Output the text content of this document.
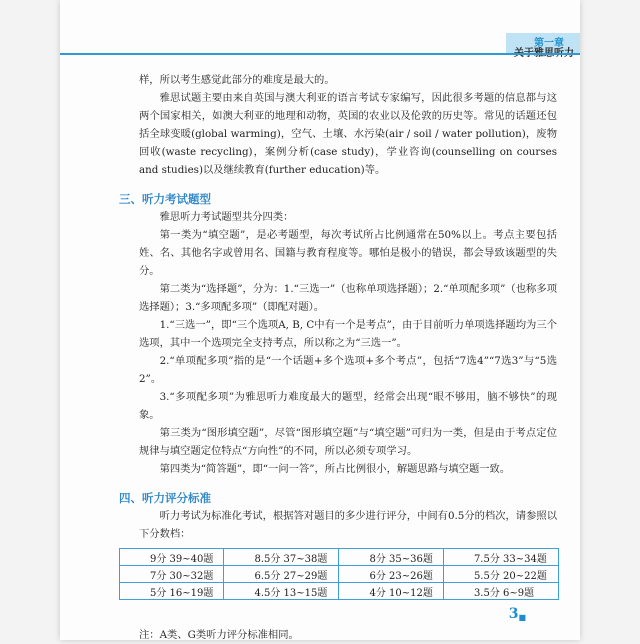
第一章

样，所以考生感觉此部分的难度是最大的。

雅思试题主要由来自英国与澳大利亚的语言考试专家编写，因此很多考题的信息都与这两个国家相关，如澳大利亚的地理和动物，英国的农业以及伦敦的历史等。常见的话题还包括全球变暖(global warming)，空气、土壤、水污染(air / soil / water pollution)，废物回收(waste recycling)，案例分析(case study)，学业咨询(counselling on courses and studies)以及继续教育(further education)等。

三、听力考试题型

雅思听力考试题型共分四类：

第一类为“填空题”，是必考题型，每次考试所占比例通常在50%以上。考点主要包括姓、名、其他名字或曾用名、国籍与教育程度等。哪怕是极小的错误，都会导致该题型的失分。

第二类为“选择题”，分为：1.“三选一”（也称单项选择题）；2.“单项配多项”（也称多项选择题）；3.“多项配多项”（即配对题）。

1.“三选一”，即“三个选项A, B, C中有一个是考点”，由于目前听力单项选择题均为三个选项，其中一个选项完全支持考点，所以称之为“三选一”。

2.“单项配多项”指的是“一个话题+多个选项+多个考点”，包括“7选4”“7选3”与“5选2”。

3.“多项配多项”为雅思听力难度最大的题型，经常会出现“眼不够用，脑不够快”的现象。

第三类为“图形填空题”，尽管“图形填空题”与“填空题”可归为一类，但是由于考点定位规律与填空题定位特点“方向性”的不同，所以必须专项学习。

第四类为“简答题”，即“一问一答”，所占比例很小，解题思路与填空题一致。

四、听力评分标准

听力考试为标准化考试，根据答对题目的多少进行评分，中间有0.5分的档次，请参照以下分数档：

9分 39~40题	8.5分 37~38题	8分 35~36题	7.5分 33~34题
7分 30~32题	6.5分 27~29题	6分 23~26题	5.5分 20~22题
5分 16~19题	4.5分 13~15题	4分 10~12题	3.5分 6~9题

注：A类、G类听力评分标准相同。

3■
